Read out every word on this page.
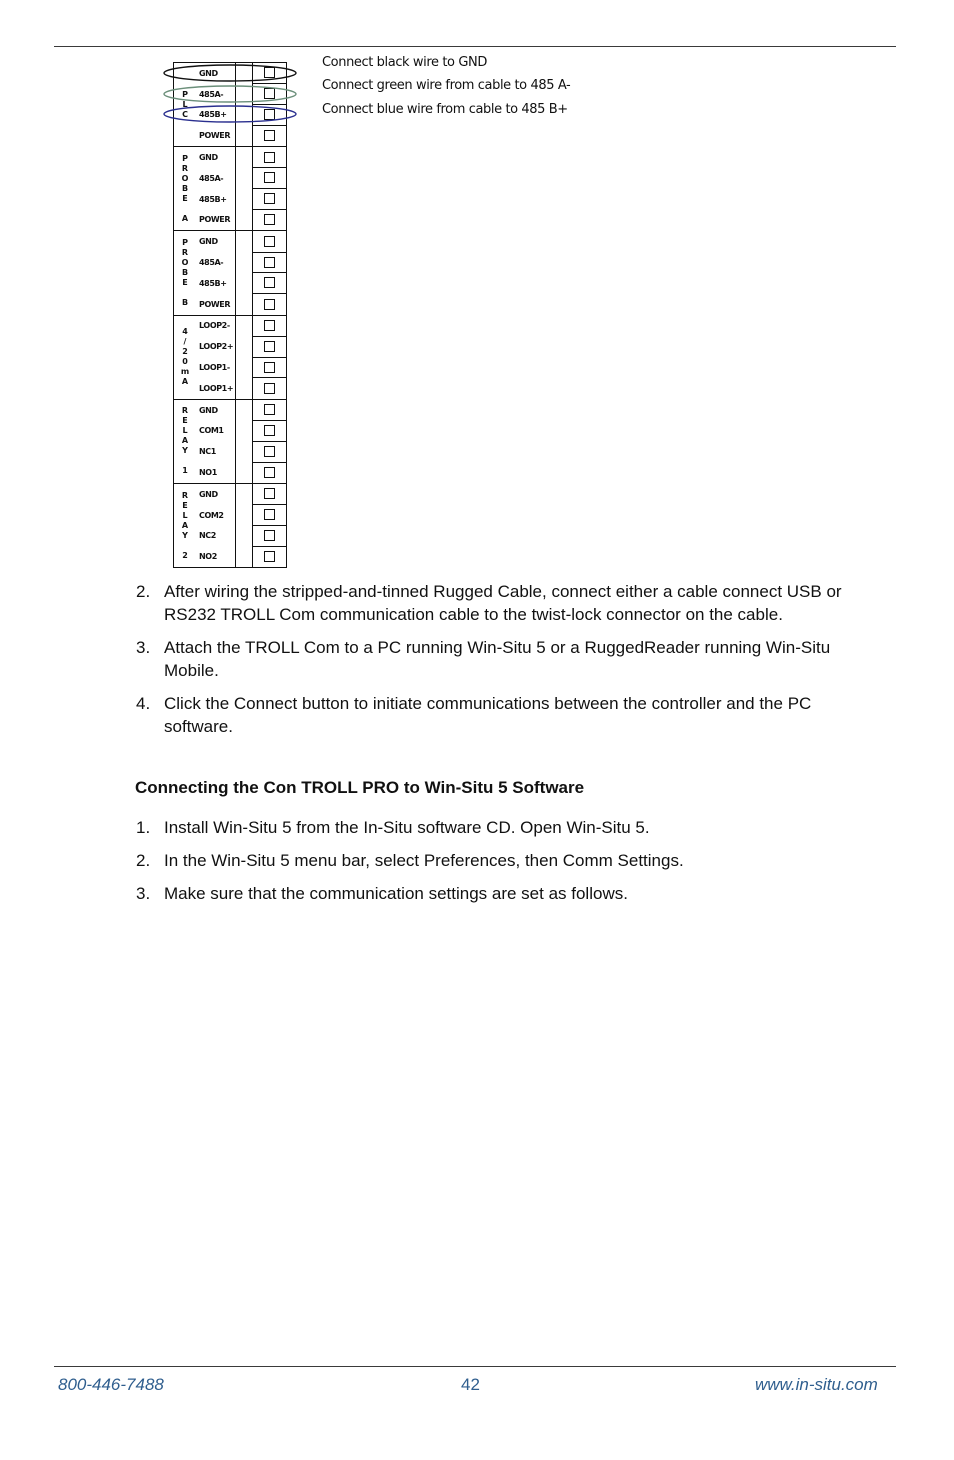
P
L
C
GND
485A-
485B+
POWER
P
R
O
B
E
A
GND
485A-
485B+
POWER
P
R
O
B
E
B
GND
485A-
485B+
POWER
4
/
2
0
m
A
LOOP2-
LOOP2+
LOOP1-
LOOP1+
R
E
L
A
Y
1
GND
COM1
NC1
NO1
R
E
L
A
Y
2
GND
COM2
NC2
NO2
Connect black wire to GND
Connect green wire from cable to 485 A-
Connect blue wire from cable to 485 B+
2. After wiring the stripped-and-tinned Rugged Cable, connect either a cable connect USB or RS232 TROLL Com communication cable to the twist-lock connector on the cable.
3. Attach the TROLL Com to a PC running Win-Situ 5 or a RuggedReader running Win-Situ Mobile.
4. Click the Connect button to initiate communications between the controller and the PC software.
Connecting the Con TROLL PRO to Win-Situ 5 Software
1. Install Win-Situ 5 from the In-Situ software CD. Open Win-Situ 5.
2. In the Win-Situ 5 menu bar, select Preferences, then Comm Settings.
3. Make sure that the communication settings are set as follows.
800-446-7488	42	www.in-situ.com
